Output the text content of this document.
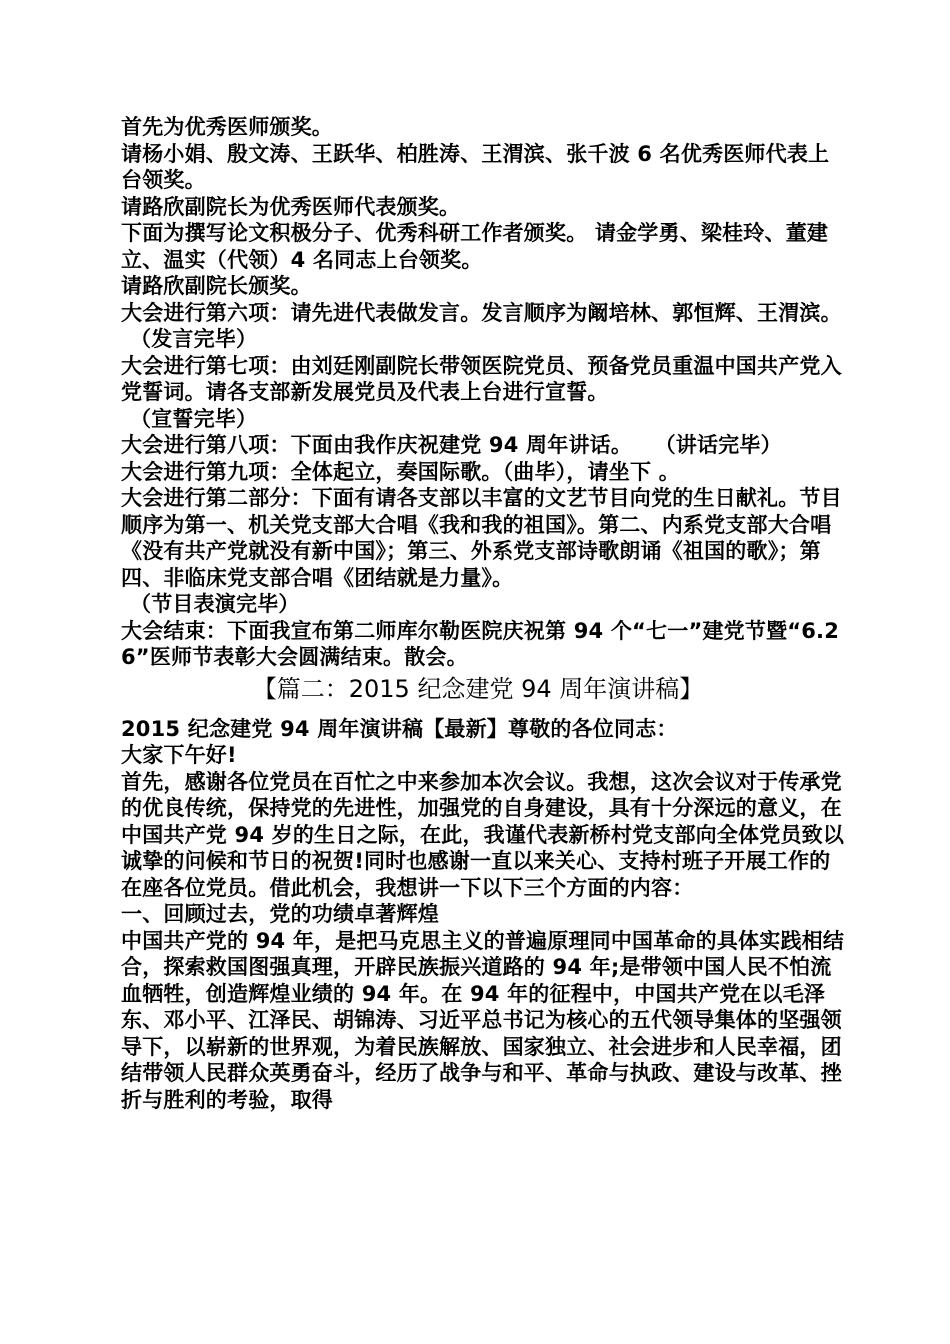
首先为优秀医师颁奖。

请杨小娟、殷文涛、王跃华、柏胜涛、王渭滨、张千波 6 名优秀医师代表上台领奖。

请路欣副院长为优秀医师代表颁奖。

下面为撰写论文积极分子、优秀科研工作者颁奖。 请金学勇、梁桂玲、董建立、温实（代领）4 名同志上台领奖。

请路欣副院长颁奖。

大会进行第六项：请先进代表做发言。发言顺序为阚培林、郭恒辉、王渭滨。

（发言完毕）

大会进行第七项：由刘廷刚副院长带领医院党员、预备党员重温中国共产党入党誓词。请各支部新发展党员及代表上台进行宣誓。

（宣誓完毕）

大会进行第八项：下面由我作庆祝建党 94 周年讲话。   （讲话完毕）

大会进行第九项：全体起立，奏国际歌。（曲毕），请坐下 。

大会进行第二部分：下面有请各支部以丰富的文艺节目向党的生日献礼。节目顺序为第一、机关党支部大合唱《我和我的祖国》。第二、内系党支部大合唱《没有共产党就没有新中国》；第三、外系党支部诗歌朗诵《祖国的歌》；第四、非临床党支部合唱《团结就是力量》。

（节目表演完毕）

大会结束：下面我宣布第二师库尔勒医院庆祝第 94 个“七一”建党节暨“6.26”医师节表彰大会圆满结束。散会。

【篇二：2015 纪念建党 94 周年演讲稿】

2015 纪念建党 94 周年演讲稿【最新】尊敬的各位同志：

大家下午好!

首先，感谢各位党员在百忙之中来参加本次会议。我想，这次会议对于传承党的优良传统，保持党的先进性，加强党的自身建设，具有十分深远的意义，在中国共产党 94 岁的生日之际，在此，我谨代表新桥村党支部向全体党员致以诚挚的问候和节日的祝贺!同时也感谢一直以来关心、支持村班子开展工作的在座各位党员。借此机会，我想讲一下以下三个方面的内容：

一、回顾过去，党的功绩卓著辉煌

中国共产党的 94 年，是把马克思主义的普遍原理同中国革命的具体实践相结合，探索救国图强真理，开辟民族振兴道路的 94 年;是带领中国人民不怕流血牺牲，创造辉煌业绩的 94 年。在 94 年的征程中，中国共产党在以毛泽东、邓小平、江泽民、胡锦涛、习近平总书记为核心的五代领导集体的坚强领导下，以崭新的世界观，为着民族解放、国家独立、社会进步和人民幸福，团结带领人民群众英勇奋斗，经历了战争与和平、革命与执政、建设与改革、挫折与胜利的考验，取得
